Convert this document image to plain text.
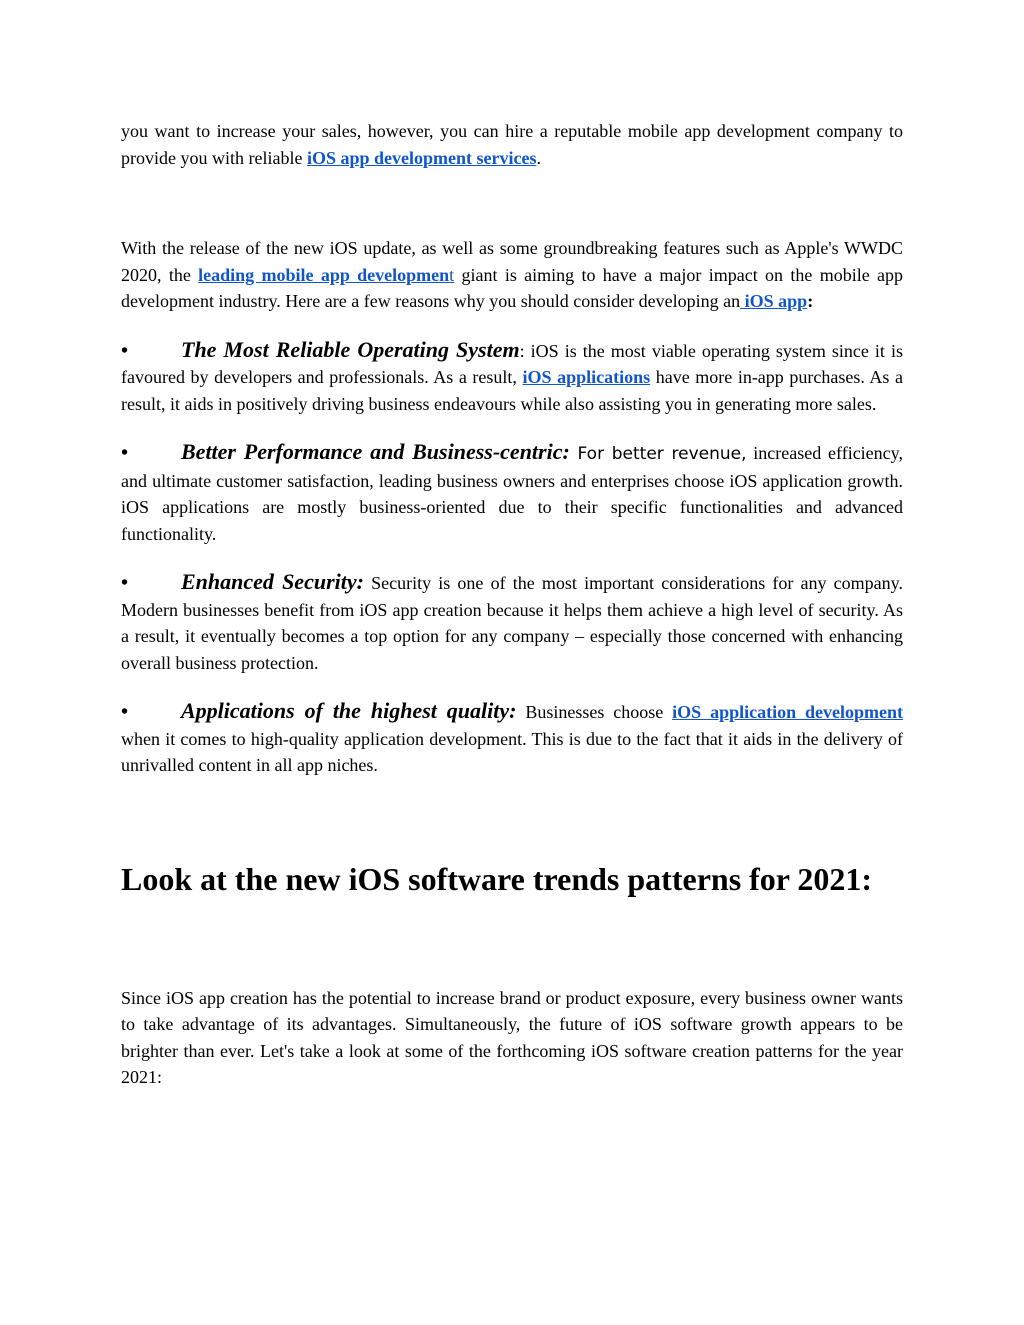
you want to increase your sales, however, you can hire a reputable mobile app development company to provide you with reliable iOS app development services.

With the release of the new iOS update, as well as some groundbreaking features such as Apple's WWDC 2020, the leading mobile app development giant is aiming to have a major impact on the mobile app development industry. Here are a few reasons why you should consider developing an iOS app:

• The Most Reliable Operating System: iOS is the most viable operating system since it is favoured by developers and professionals. As a result, iOS applications have more in-app purchases. As a result, it aids in positively driving business endeavours while also assisting you in generating more sales.

• Better Performance and Business-centric: For better revenue, increased efficiency, and ultimate customer satisfaction, leading business owners and enterprises choose iOS application growth. iOS applications are mostly business-oriented due to their specific functionalities and advanced functionality.

• Enhanced Security: Security is one of the most important considerations for any company. Modern businesses benefit from iOS app creation because it helps them achieve a high level of security. As a result, it eventually becomes a top option for any company – especially those concerned with enhancing overall business protection.

• Applications of the highest quality: Businesses choose iOS application development when it comes to high-quality application development. This is due to the fact that it aids in the delivery of unrivalled content in all app niches.

Look at the new iOS software trends patterns for 2021:

Since iOS app creation has the potential to increase brand or product exposure, every business owner wants to take advantage of its advantages. Simultaneously, the future of iOS software growth appears to be brighter than ever. Let's take a look at some of the forthcoming iOS software creation patterns for the year 2021:
